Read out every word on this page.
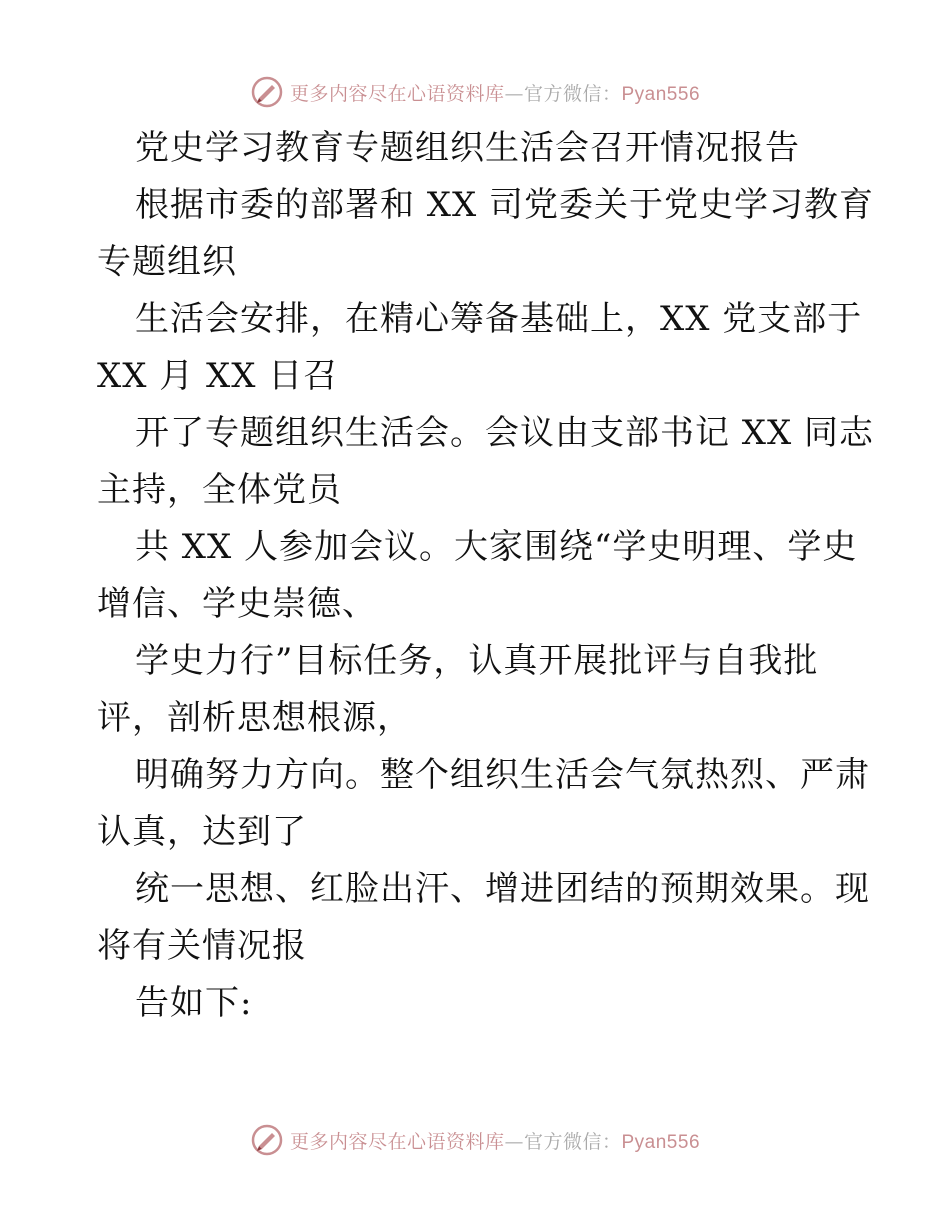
更多内容尽在心语资料库—官方微信：Pyan556
党史学习教育专题组织生活会召开情况报告
根据市委的部署和 XX 司党委关于党史学习教育
专题组织
生活会安排，在精心筹备基础上，XX 党支部于
XX 月 XX 日召
开了专题组织生活会。会议由支部书记 XX 同志
主持，全体党员
共 XX 人参加会议。大家围绕“学史明理、学史
增信、学史崇德、
学史力行”目标任务，认真开展批评与自我批
评，剖析思想根源，
明确努力方向。整个组织生活会气氛热烈、严肃
认真，达到了
统一思想、红脸出汗、增进团结的预期效果。现
将有关情况报
告如下:
更多内容尽在心语资料库—官方微信：Pyan556
